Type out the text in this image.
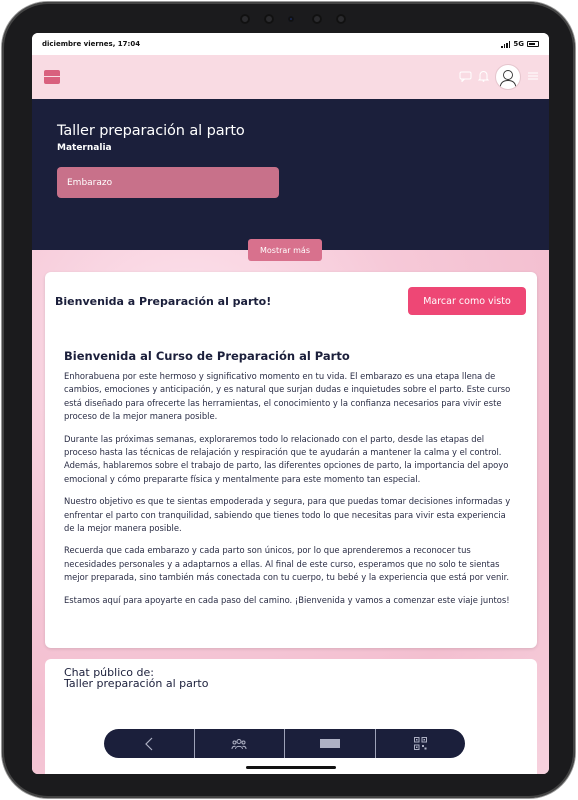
diciembre viernes, 17:04	5G
Taller preparación al parto
Maternalia
Embarazo
Mostrar más
Bienvenida a Preparación al parto!	Marcar como visto
Bienvenida al Curso de Preparación al Parto

Enhorabuena por este hermoso y significativo momento en tu vida. El embarazo es una etapa llena de cambios, emociones y anticipación, y es natural que surjan dudas e inquietudes sobre el parto. Este curso está diseñado para ofrecerte las herramientas, el conocimiento y la confianza necesarios para vivir este proceso de la mejor manera posible.

Durante las próximas semanas, exploraremos todo lo relacionado con el parto, desde las etapas del proceso hasta las técnicas de relajación y respiración que te ayudarán a mantener la calma y el control. Además, hablaremos sobre el trabajo de parto, las diferentes opciones de parto, la importancia del apoyo emocional y cómo prepararte física y mentalmente para este momento tan especial.

Nuestro objetivo es que te sientas empoderada y segura, para que puedas tomar decisiones informadas y enfrentar el parto con tranquilidad, sabiendo que tienes todo lo que necesitas para vivir esta experiencia de la mejor manera posible.

Recuerda que cada embarazo y cada parto son únicos, por lo que aprenderemos a reconocer tus necesidades personales y a adaptarnos a ellas. Al final de este curso, esperamos que no solo te sientas mejor preparada, sino también más conectada con tu cuerpo, tu bebé y la experiencia que está por venir.

Estamos aquí para apoyarte en cada paso del camino. ¡Bienvenida y vamos a comenzar este viaje juntos!

Chat público de:
Taller preparación al parto
